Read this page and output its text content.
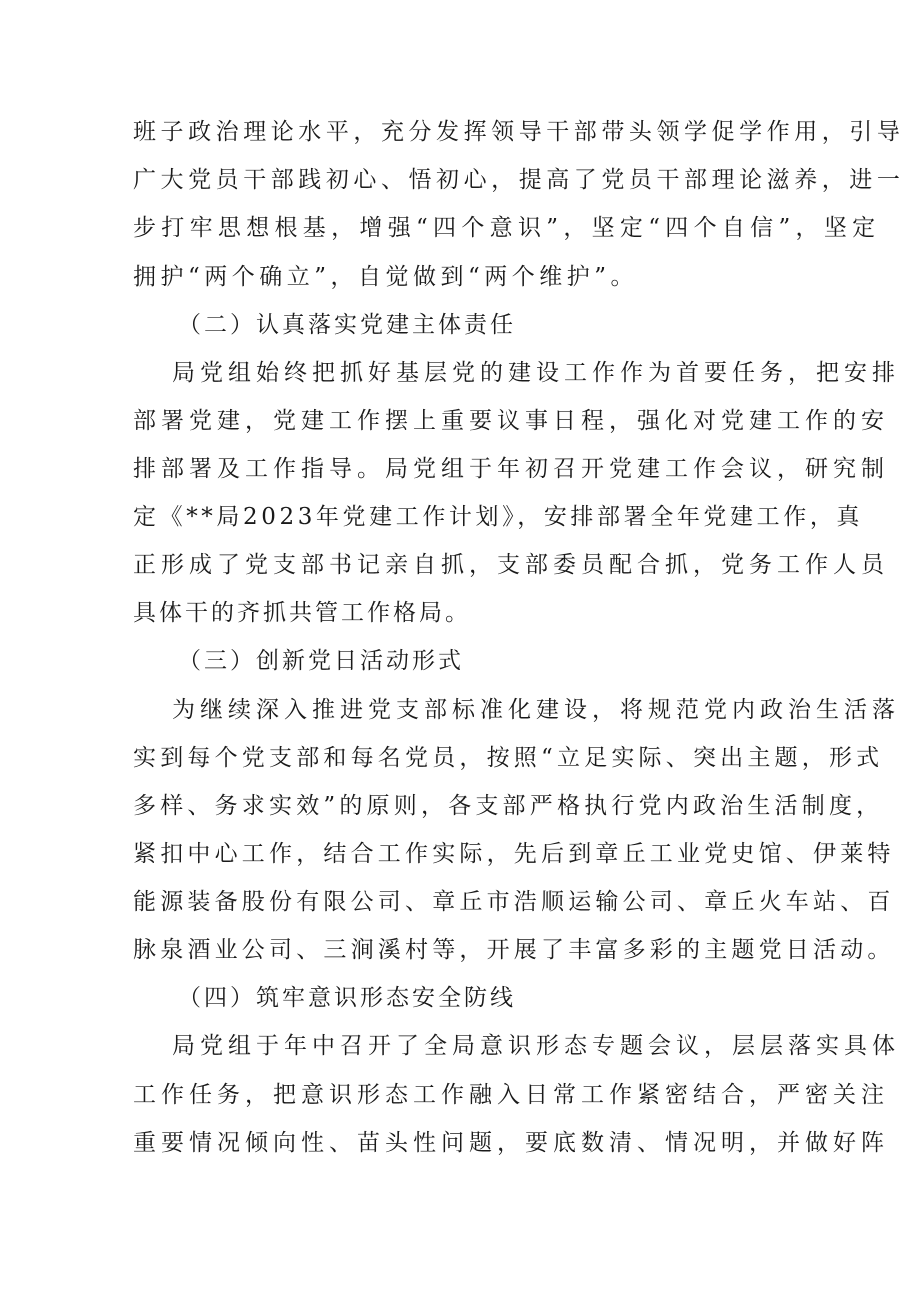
班子政治理论水平，充分发挥领导干部带头领学促学作用，引导
广大党员干部践初心、悟初心，提高了党员干部理论滋养，进一
步打牢思想根基，增强“四个意识”，坚定“四个自信”，坚定
拥护“两个确立”，自觉做到“两个维护”。
（二）认真落实党建主体责任
局党组始终把抓好基层党的建设工作作为首要任务，把安排
部署党建，党建工作摆上重要议事日程，强化对党建工作的安
排部署及工作指导。局党组于年初召开党建工作会议，研究制
定《**局2023年党建工作计划》，安排部署全年党建工作，真
正形成了党支部书记亲自抓，支部委员配合抓，党务工作人员
具体干的齐抓共管工作格局。
（三）创新党日活动形式
为继续深入推进党支部标准化建设，将规范党内政治生活落
实到每个党支部和每名党员，按照“立足实际、突出主题，形式
多样、务求实效”的原则，各支部严格执行党内政治生活制度，
紧扣中心工作，结合工作实际，先后到章丘工业党史馆、伊莱特
能源装备股份有限公司、章丘市浩顺运输公司、章丘火车站、百
脉泉酒业公司、三涧溪村等，开展了丰富多彩的主题党日活动。
（四）筑牢意识形态安全防线
局党组于年中召开了全局意识形态专题会议，层层落实具体
工作任务，把意识形态工作融入日常工作紧密结合，严密关注
重要情况倾向性、苗头性问题，要底数清、情况明，并做好阵
